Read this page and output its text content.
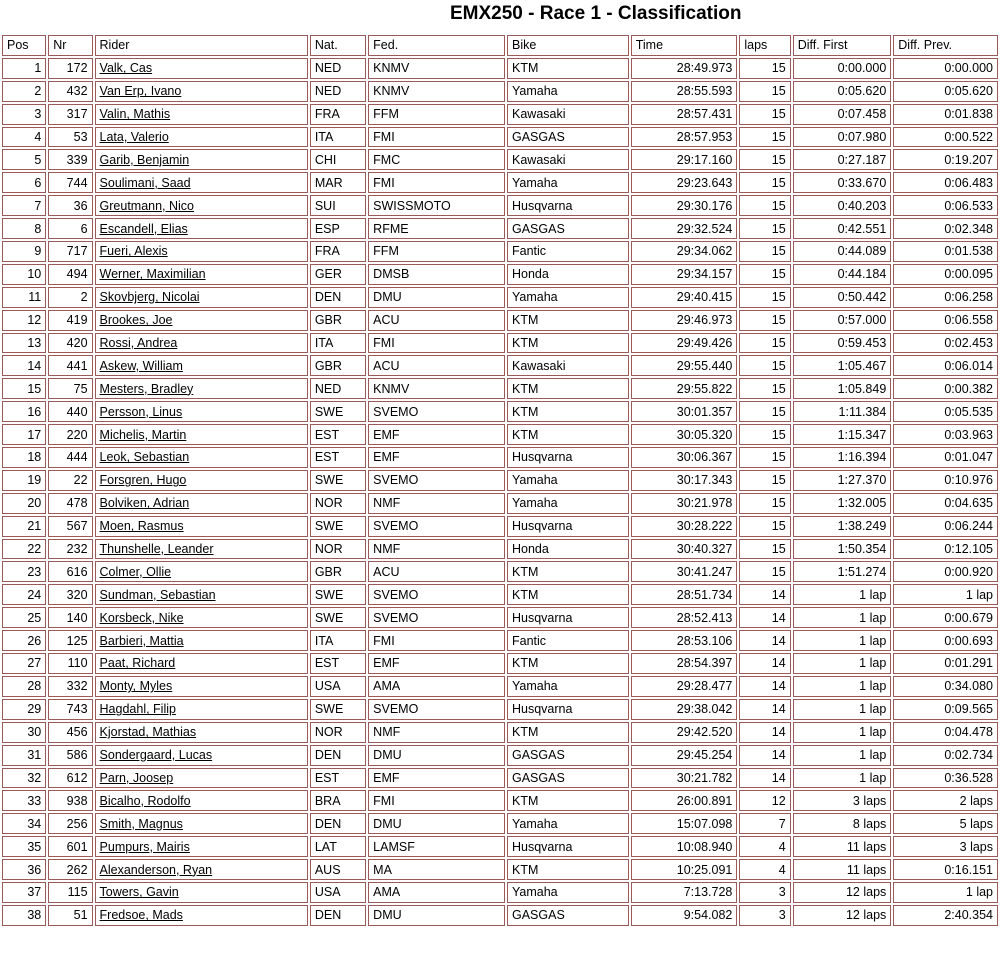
EMX250 - Race 1 - Classification
Pos	Nr	Rider	Nat.	Fed.	Bike	Time	laps	Diff. First	Diff. Prev.
1	172	Valk, Cas	NED	KNMV	KTM	28:49.973	15	0:00.000	0:00.000
2	432	Van Erp, Ivano	NED	KNMV	Yamaha	28:55.593	15	0:05.620	0:05.620
3	317	Valin, Mathis	FRA	FFM	Kawasaki	28:57.431	15	0:07.458	0:01.838
4	53	Lata, Valerio	ITA	FMI	GASGAS	28:57.953	15	0:07.980	0:00.522
5	339	Garib, Benjamin	CHI	FMC	Kawasaki	29:17.160	15	0:27.187	0:19.207
6	744	Soulimani, Saad	MAR	FMI	Yamaha	29:23.643	15	0:33.670	0:06.483
7	36	Greutmann, Nico	SUI	SWISSMOTO	Husqvarna	29:30.176	15	0:40.203	0:06.533
8	6	Escandell, Elias	ESP	RFME	GASGAS	29:32.524	15	0:42.551	0:02.348
9	717	Fueri, Alexis	FRA	FFM	Fantic	29:34.062	15	0:44.089	0:01.538
10	494	Werner, Maximilian	GER	DMSB	Honda	29:34.157	15	0:44.184	0:00.095
11	2	Skovbjerg, Nicolai	DEN	DMU	Yamaha	29:40.415	15	0:50.442	0:06.258
12	419	Brookes, Joe	GBR	ACU	KTM	29:46.973	15	0:57.000	0:06.558
13	420	Rossi, Andrea	ITA	FMI	KTM	29:49.426	15	0:59.453	0:02.453
14	441	Askew, William	GBR	ACU	Kawasaki	29:55.440	15	1:05.467	0:06.014
15	75	Mesters, Bradley	NED	KNMV	KTM	29:55.822	15	1:05.849	0:00.382
16	440	Persson, Linus	SWE	SVEMO	KTM	30:01.357	15	1:11.384	0:05.535
17	220	Michelis, Martin	EST	EMF	KTM	30:05.320	15	1:15.347	0:03.963
18	444	Leok, Sebastian	EST	EMF	Husqvarna	30:06.367	15	1:16.394	0:01.047
19	22	Forsgren, Hugo	SWE	SVEMO	Yamaha	30:17.343	15	1:27.370	0:10.976
20	478	Bolviken, Adrian	NOR	NMF	Yamaha	30:21.978	15	1:32.005	0:04.635
21	567	Moen, Rasmus	SWE	SVEMO	Husqvarna	30:28.222	15	1:38.249	0:06.244
22	232	Thunshelle, Leander	NOR	NMF	Honda	30:40.327	15	1:50.354	0:12.105
23	616	Colmer, Ollie	GBR	ACU	KTM	30:41.247	15	1:51.274	0:00.920
24	320	Sundman, Sebastian	SWE	SVEMO	KTM	28:51.734	14	1 lap	1 lap
25	140	Korsbeck, Nike	SWE	SVEMO	Husqvarna	28:52.413	14	1 lap	0:00.679
26	125	Barbieri, Mattia	ITA	FMI	Fantic	28:53.106	14	1 lap	0:00.693
27	110	Paat, Richard	EST	EMF	KTM	28:54.397	14	1 lap	0:01.291
28	332	Monty, Myles	USA	AMA	Yamaha	29:28.477	14	1 lap	0:34.080
29	743	Hagdahl, Filip	SWE	SVEMO	Husqvarna	29:38.042	14	1 lap	0:09.565
30	456	Kjorstad, Mathias	NOR	NMF	KTM	29:42.520	14	1 lap	0:04.478
31	586	Sondergaard, Lucas	DEN	DMU	GASGAS	29:45.254	14	1 lap	0:02.734
32	612	Parn, Joosep	EST	EMF	GASGAS	30:21.782	14	1 lap	0:36.528
33	938	Bicalho, Rodolfo	BRA	FMI	KTM	26:00.891	12	3 laps	2 laps
34	256	Smith, Magnus	DEN	DMU	Yamaha	15:07.098	7	8 laps	5 laps
35	601	Pumpurs, Mairis	LAT	LAMSF	Husqvarna	10:08.940	4	11 laps	3 laps
36	262	Alexanderson, Ryan	AUS	MA	KTM	10:25.091	4	11 laps	0:16.151
37	115	Towers, Gavin	USA	AMA	Yamaha	7:13.728	3	12 laps	1 lap
38	51	Fredsoe, Mads	DEN	DMU	GASGAS	9:54.082	3	12 laps	2:40.354
